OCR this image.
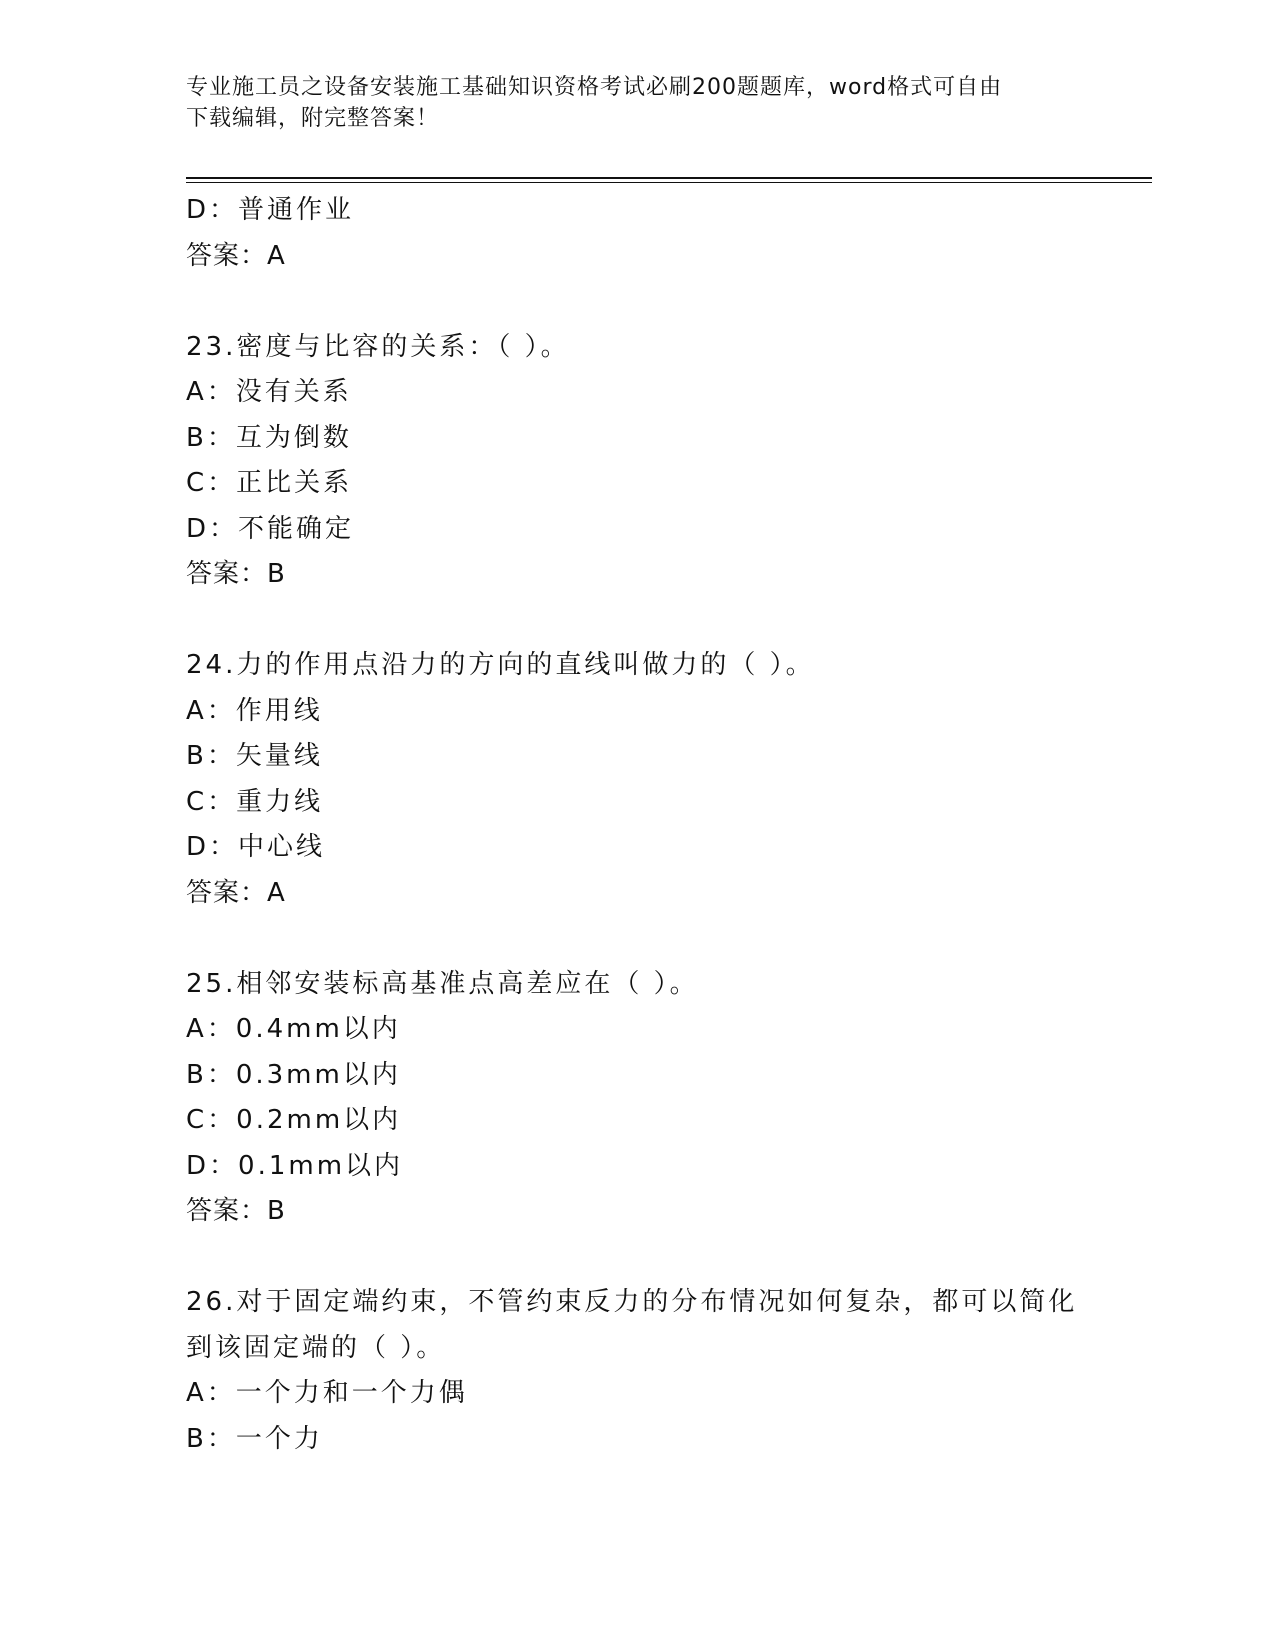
专业施工员之设备安装施工基础知识资格考试必刷200题题库，word格式可自由
下载编辑，附完整答案！
D：普通作业
答案：A
23.密度与比容的关系：（ ）。
A：没有关系
B：互为倒数
C：正比关系
D：不能确定
答案：B
24.力的作用点沿力的方向的直线叫做力的（ ）。
A：作用线
B：矢量线
C：重力线
D：中心线
答案：A
25.相邻安装标高基准点高差应在（ ）。
A：0.4mm以内
B：0.3mm以内
C：0.2mm以内
D：0.1mm以内
答案：B
26.对于固定端约束，不管约束反力的分布情况如何复杂，都可以简化
到该固定端的（ ）。
A：一个力和一个力偶
B：一个力
